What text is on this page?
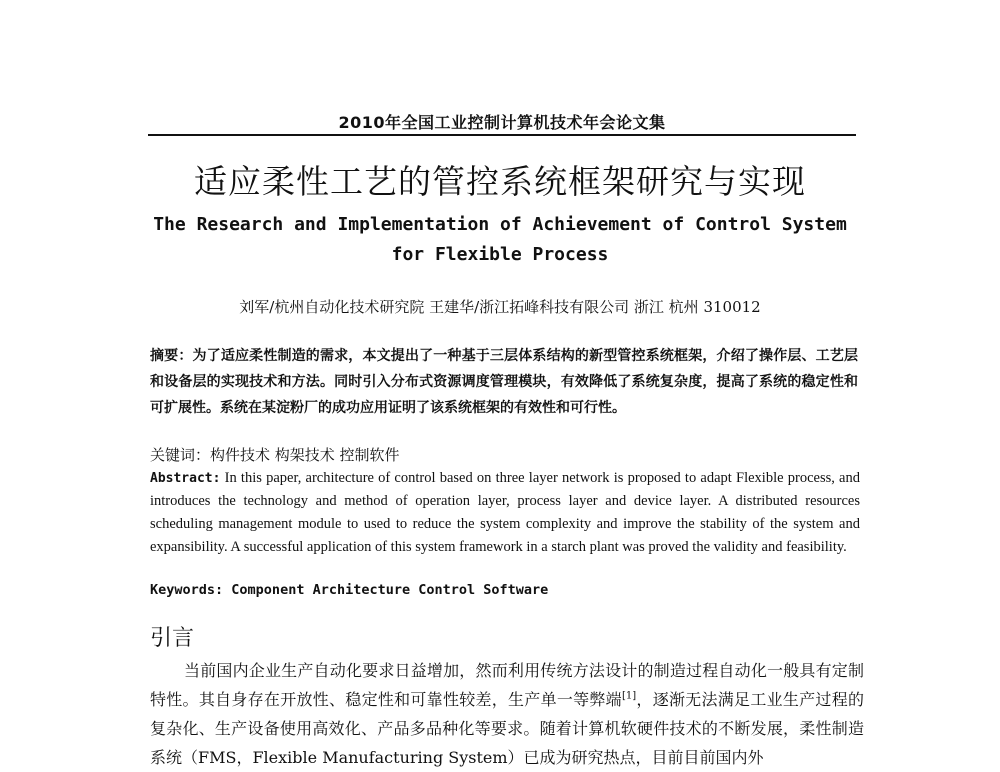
2010年全国工业控制计算机技术年会论文集
适应柔性工艺的管控系统框架研究与实现
The Research and Implementation of Achievement of Control System for Flexible Process
刘军/杭州自动化技术研究院 王建华/浙江拓峰科技有限公司 浙江 杭州 310012
摘要：为了适应柔性制造的需求，本文提出了一种基于三层体系结构的新型管控系统框架，介绍了操作层、工艺层和设备层的实现技术和方法。同时引入分布式资源调度管理模块，有效降低了系统复杂度，提高了系统的稳定性和可扩展性。系统在某淀粉厂的成功应用证明了该系统框架的有效性和可行性。
关键词：构件技术 构架技术 控制软件
Abstract: In this paper, architecture of control based on three layer network is proposed to adapt Flexible process, and introduces the technology and method of operation layer, process layer and device layer. A distributed resources scheduling management module to used to reduce the system complexity and improve the stability of the system and expansibility. A successful application of this system framework in a starch plant was proved the validity and feasibility.
Keywords: Component Architecture Control Software
引言
当前国内企业生产自动化要求日益增加，然而利用传统方法设计的制造过程自动化一般具有定制特性。其自身存在开放性、稳定性和可靠性较差，生产单一等弊端[1]，逐渐无法满足工业生产过程的复杂化、生产设备使用高效化、产品多品种化等要求。随着计算机软硬件技术的不断发展，柔性制造系统（FMS，Flexible Manufacturing System）已成为研究热点，目前目前国内外
